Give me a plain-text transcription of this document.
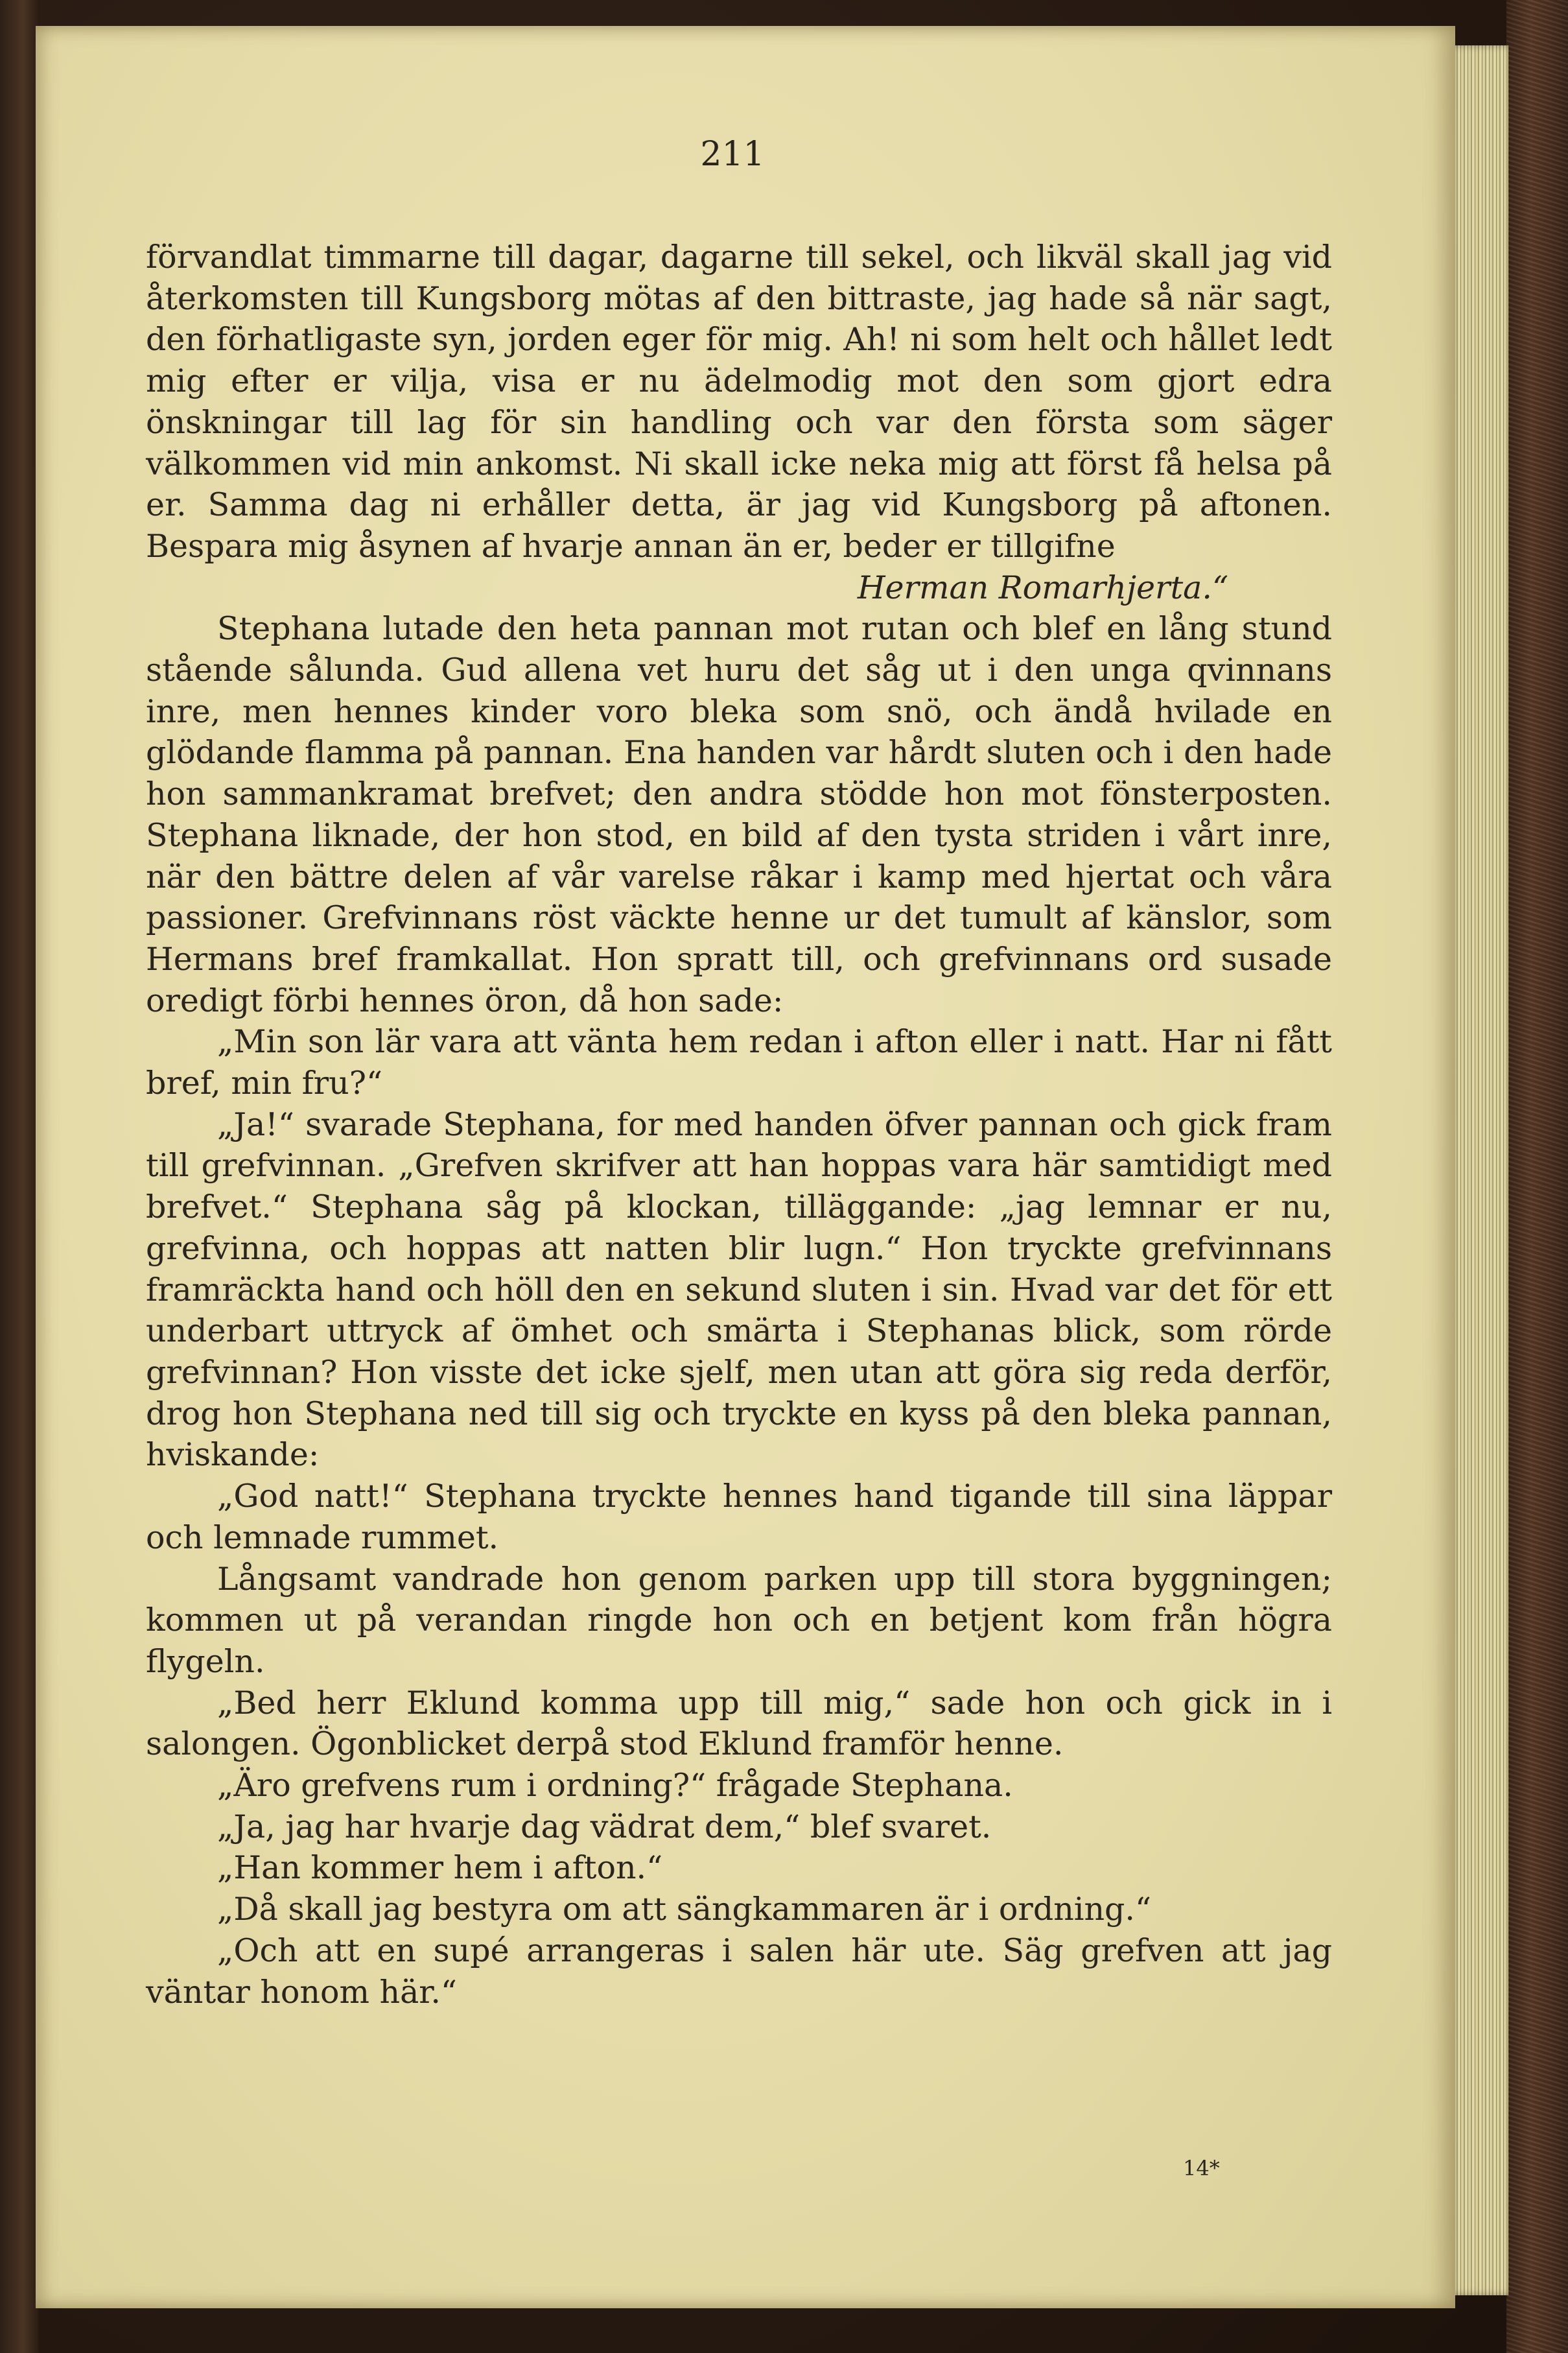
211

förvandlat timmarne till dagar, dagarne till sekel, och likväl skall jag vid återkomsten till Kungsborg mötas af den bittraste, jag hade så när sagt, den förhatligaste syn, jorden eger för mig. Ah! ni som helt och hållet ledt mig efter er vilja, visa er nu ädelmodig mot den som gjort edra önskningar till lag för sin handling och var den första som säger välkommen vid min ankomst. Ni skall icke neka mig att först få helsa på er. Samma dag ni erhåller detta, är jag vid Kungsborg på aftonen. Bespara mig åsynen af hvarje annan än er, beder er tillgifne

Herman Romarhjerta.“

Stephana lutade den heta pannan mot rutan och blef en lång stund stående sålunda. Gud allena vet huru det såg ut i den unga qvinnans inre, men hennes kinder voro bleka som snö, och ändå hvilade en glödande flamma på pannan. Ena handen var hårdt sluten och i den hade hon sammankramat brefvet; den andra stödde hon mot fönsterposten. Stephana liknade, der hon stod, en bild af den tysta striden i vårt inre, när den bättre delen af vår varelse råkar i kamp med hjertat och våra passioner. Grefvinnans röst väckte henne ur det tumult af känslor, som Hermans bref framkallat. Hon spratt till, och grefvinnans ord susade oredigt förbi hennes öron, då hon sade:

„Min son lär vara att vänta hem redan i afton eller i natt. Har ni fått bref, min fru?“

„Ja!“ svarade Stephana, for med handen öfver pannan och gick fram till grefvinnan. „Grefven skrifver att han hoppas vara här samtidigt med brefvet.“ Stephana såg på klockan, tilläggande: „jag lemnar er nu, grefvinna, och hoppas att natten blir lugn.“ Hon tryckte grefvinnans framräckta hand och höll den en sekund sluten i sin. Hvad var det för ett underbart uttryck af ömhet och smärta i Stephanas blick, som rörde grefvinnan? Hon visste det icke sjelf, men utan att göra sig reda derför, drog hon Stephana ned till sig och tryckte en kyss på den bleka pannan, hviskande:

„God natt!“ Stephana tryckte hennes hand tigande till sina läppar och lemnade rummet.

Långsamt vandrade hon genom parken upp till stora byggningen; kommen ut på verandan ringde hon och en betjent kom från högra flygeln.

„Bed herr Eklund komma upp till mig,“ sade hon och gick in i salongen. Ögonblicket derpå stod Eklund framför henne.

„Äro grefvens rum i ordning?“ frågade Stephana.

„Ja, jag har hvarje dag vädrat dem,“ blef svaret.

„Han kommer hem i afton.“

„Då skall jag bestyra om att sängkammaren är i ordning.“

„Och att en supé arrangeras i salen här ute. Säg grefven att jag väntar honom här.“

14*
